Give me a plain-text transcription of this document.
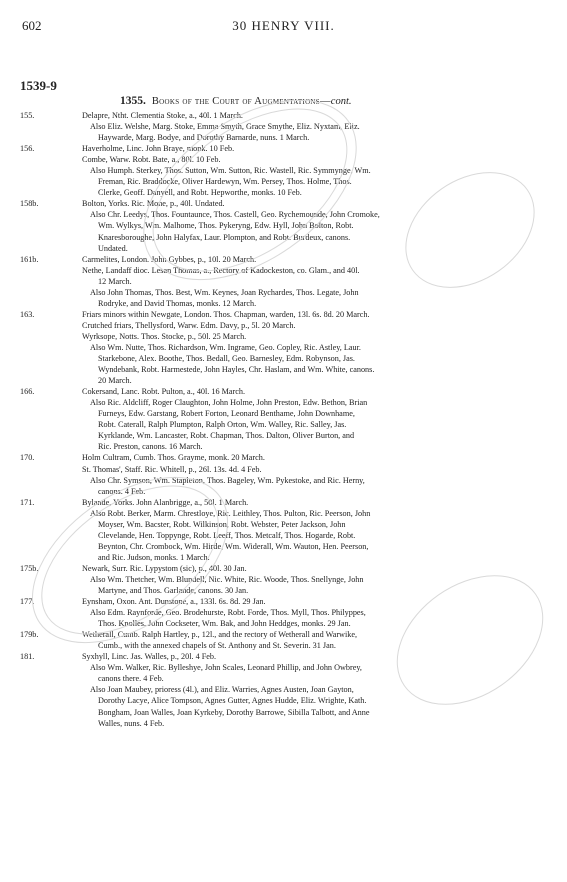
602	30 HENRY VIII.
1539-9
1355. Books of the Court of Augmentations—cont.
155.	Delapre, Ntht. Clementia Stoke, a., 40l. 1 March.
Also Eliz. Welshe, Marg. Stoke, Emma Smyth, Grace Smythe, Eliz. Nyxtam, Eliz.
Haywarde, Marg. Bodye, and Dorothy Barnarde, nuns. 1 March.
156.	Haverholme, Linc. John Braye, monk. 10 Feb.
Combe, Warw. Robt. Bate, a., 80l. 10 Feb.
Also Humph. Sterkey, Thos. Sutton, Wm. Sutton, Ric. Wastell, Ric. Symmynge, Wm.
Freman, Ric. Braddocke, Oliver Hardewyn, Wm. Persey, Thos. Holme, Thos.
Clerke, Geoff. Danyell, and Robt. Hepworthe, monks. 10 Feb.
158b.	Bolton, Yorks. Ric. Mone, p., 40l. Undated.
Also Chr. Leedys, Thos. Fountaunce, Thos. Castell, Geo. Rychemounde, John Cromoke,
Wm. Wylkys, Wm. Malhome, Thos. Pykeryng, Edw. Hyll, John Bolton, Robt.
Knaresboroughe, John Halyfax, Laur. Plompton, and Robt. Burdeux, canons.
Undated.
161b.	Carmelites, London. John Gybbes, p., 10l. 20 March.
Nethe, Landaff dioc. Lesan Thomas, a., Rectory of Kadockeston, co. Glam., and 40l.
12 March.
Also John Thomas, Thos. Best, Wm. Keynes, Joan Rychardes, Thos. Legate, John
Rodryke, and David Thomas, monks. 12 March.
163.	Friars minors within Newgate, London. Thos. Chapman, warden, 13l. 6s. 8d. 20 March.
Crutched friars, Thellysford, Warw. Edm. Davy, p., 5l. 20 March.
Wyrksope, Notts. Thos. Stocke, p., 50l. 25 March.
Also Wm. Nutte, Thos. Richardson, Wm. Ingrame, Geo. Copley, Ric. Astley, Laur.
Starkebone, Alex. Boothe, Thos. Bedall, Geo. Barnesley, Edm. Robynson, Jas.
Wyndebank, Robt. Harmestede, John Hayles, Chr. Haslam, and Wm. White, canons.
20 March.
166.	Cokersand, Lanc. Robt. Pulton, a., 40l. 16 March.
Also Ric. Aldcliff, Roger Claughton, John Holme, John Preston, Edw. Bethon, Brian
Furneys, Edw. Garstang, Robert Forton, Leonard Benthame, John Downhame,
Robt. Caterall, Ralph Plumpton, Ralph Orton, Wm. Walley, Ric. Salley, Jas.
Kyrklande, Wm. Lancaster, Robt. Chapman, Thos. Dalton, Oliver Burton, and
Ric. Preston, canons. 16 March.
170.	Holm Cultram, Cumb. Thos. Grayme, monk. 20 March.
St. Thomas', Staff. Ric. Whitell, p., 26l. 13s. 4d. 4 Feb.
Also Chr. Symson, Wm. Stapleton, Thos. Bageley, Wm. Pykestoke, and Ric. Herny,
canons. 4 Feb.
171.	Bylande, Yorks. John Alanbrigge, a., 50l. 1 March.
Also Robt. Berker, Marm. Chrestloye, Ric. Leithley, Thos. Pulton, Ric. Peerson, John
Moyser, Wm. Bacster, Robt. Wilkinson, Robt. Webster, Peter Jackson, John
Clevelande, Hen. Toppynge, Robt. Leeff, Thos. Metcalf, Thos. Hogarde, Robt.
Beynton, Chr. Crombock, Wm. Hirde, Wm. Widerall, Wm. Wauton, Hen. Peerson,
and Ric. Judson, monks. 1 March.
175b.	Newark, Surr. Ric. Lypystom (sic), p., 40l. 30 Jan.
Also Wm. Thetcher, Wm. Blundell, Nic. White, Ric. Woode, Thos. Snellynge, John
Martyne, and Thos. Garlande, canons. 30 Jan.
177.	Eynsham, Oxon. Ant. Dunstone, a., 133l. 6s. 8d. 29 Jan.
Also Edm. Raynforde, Geo. Brodehurste, Robt. Forde, Thos. Myll, Thos. Philyppes,
Thos. Knolles, John Cockseter, Wm. Bak, and John Heddges, monks. 29 Jan.
179b.	Wetherall, Cumb. Ralph Hartley, p., 12l., and the rectory of Wetherall and Warwike,
Cumb., with the annexed chapels of St. Anthony and St. Severin. 31 Jan.
181.	Syxhyll, Linc. Jas. Walles, p., 20l. 4 Feb.
Also Wm. Walker, Ric. Bylleshye, John Scales, Leonard Phillip, and John Owbrey,
canons there. 4 Feb.
Also Joan Maubey, prioress (4l.), and Eliz. Warries, Agnes Austen, Joan Gayton,
Dorothy Lacye, Alice Tompson, Agnes Gutter, Agnes Hudde, Eliz. Wrighte, Kath.
Bongham, Joan Walles, Joan Kyrkeby, Dorothy Barrowe, Sibilla Talbott, and Anne
Walles, nuns. 4 Feb.
